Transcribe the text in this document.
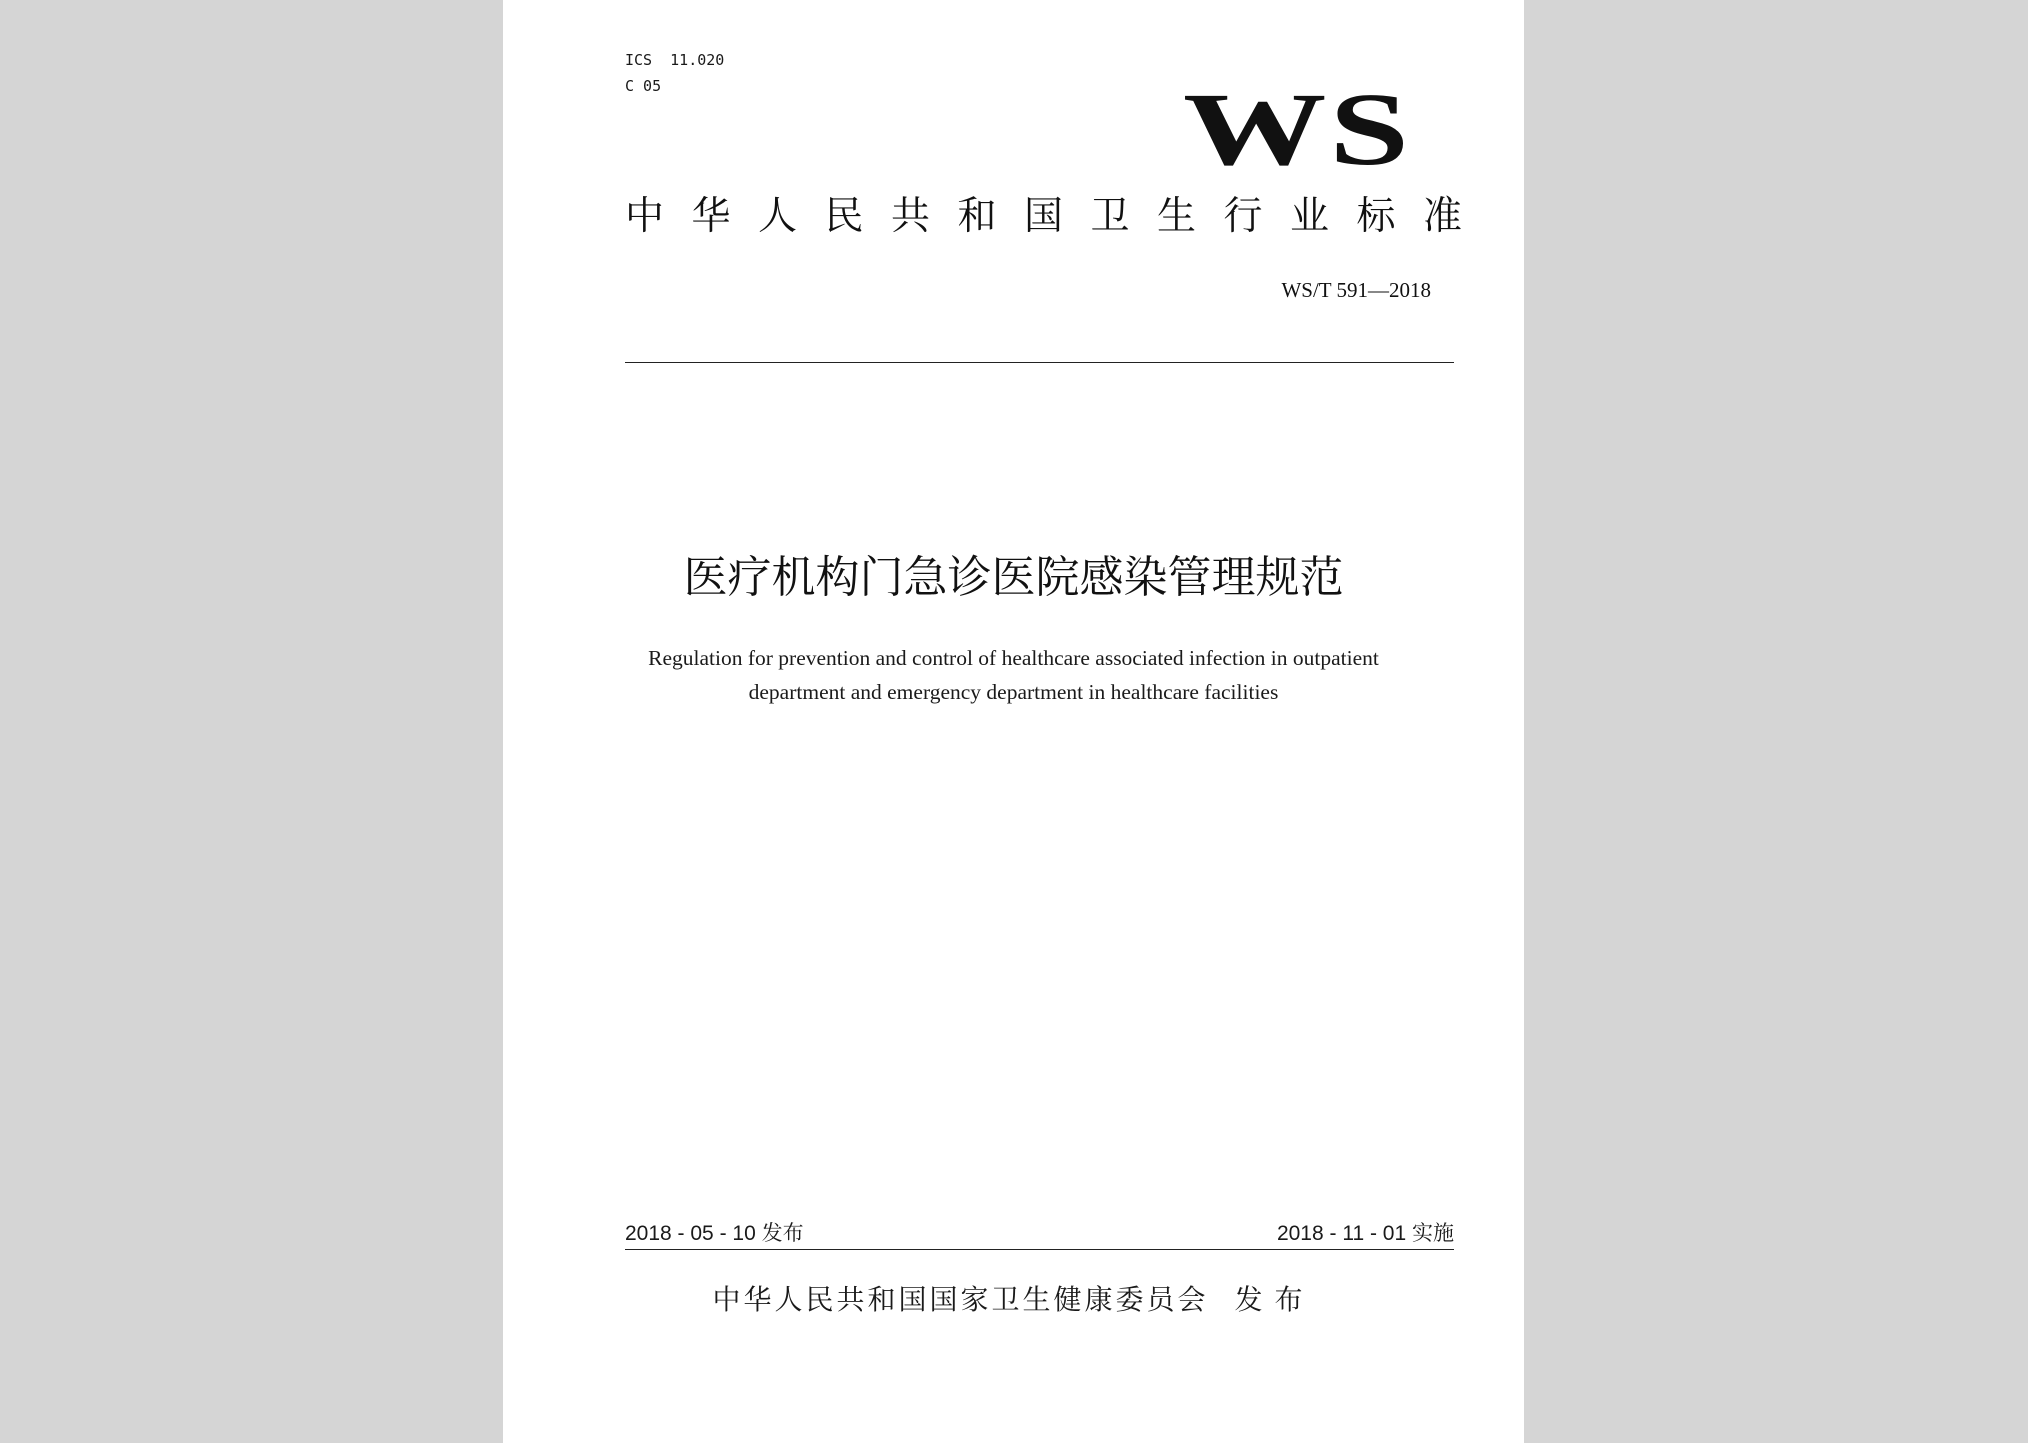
ICS  11.020
C 05	WS
中华人民共和国卫生行业标准
WS/T 591—2018
医疗机构门急诊医院感染管理规范
Regulation for prevention and control of healthcare associated infection in outpatient
department and emergency department in healthcare facilities
2018 - 05 - 10 发布	2018 - 11 - 01 实施
中华人民共和国国家卫生健康委员会 发布
